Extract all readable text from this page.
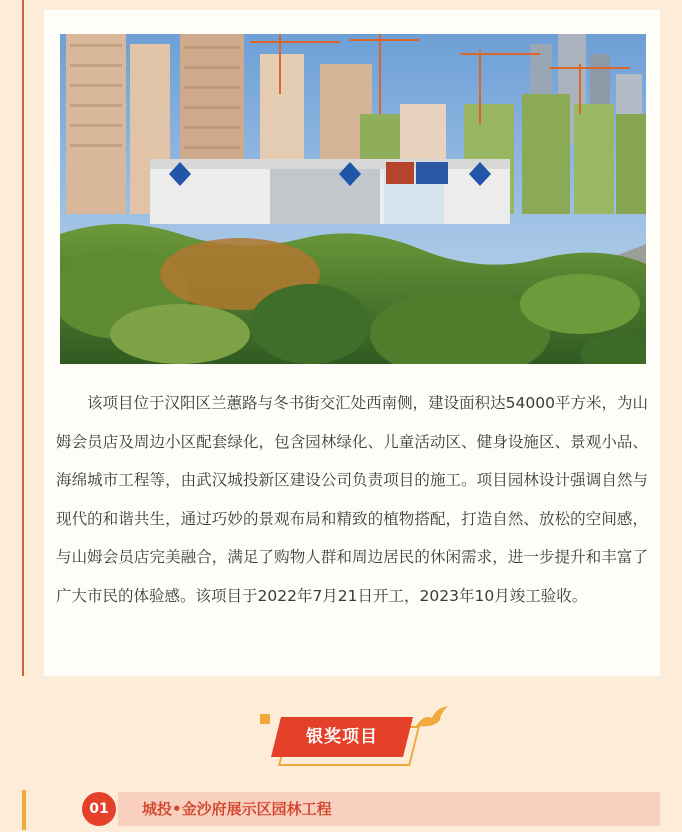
该项目位于汉阳区兰蕙路与冬书街交汇处西南侧，建设面积达54000平方米，为山姆会员店及周边小区配套绿化，包含园林绿化、儿童活动区、健身设施区、景观小品、海绵城市工程等，由武汉城投新区建设公司负责项目的施工。项目园林设计强调自然与现代的和谐共生，通过巧妙的景观布局和精致的植物搭配，打造自然、放松的空间感，与山姆会员店完美融合，满足了购物人群和周边居民的休闲需求，进一步提升和丰富了广大市民的体验感。该项目于2022年7月21日开工，2023年10月竣工验收。

银奖项目
01	城投•金沙府展示区园林工程
